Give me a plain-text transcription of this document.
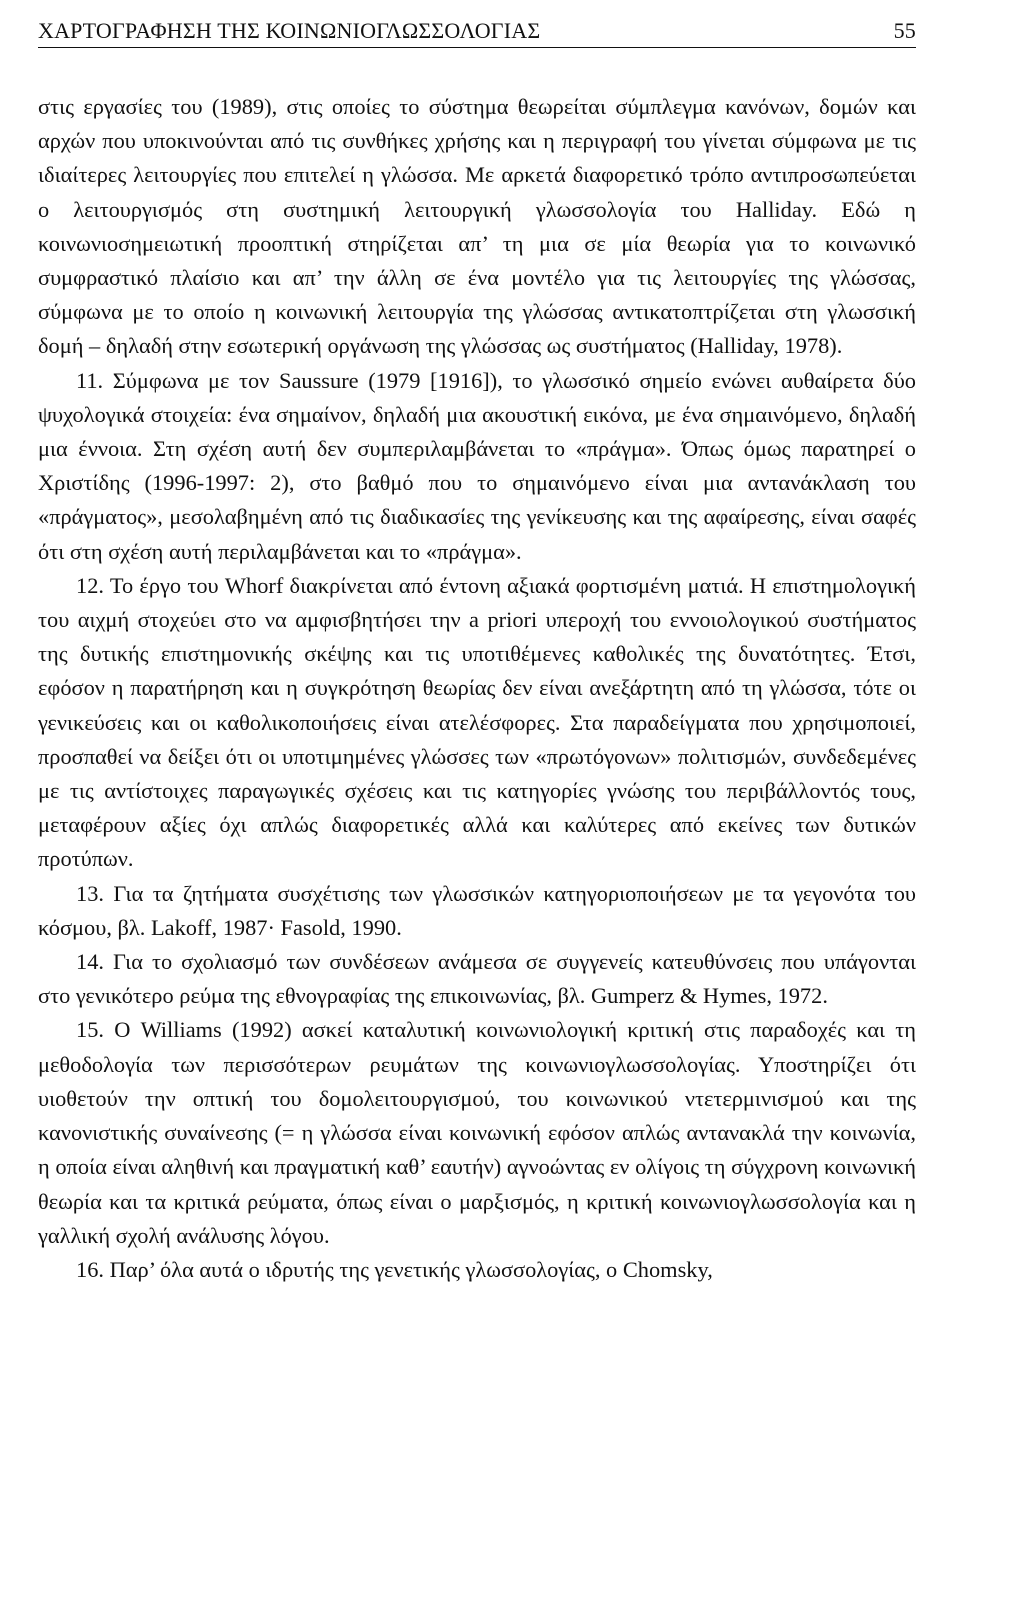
ΧΑΡΤΟΓΡΑΦΗΣΗ ΤΗΣ ΚΟΙΝΩΝΙΟΓΛΩΣΣΟΛΟΓΙΑΣ	55

στις εργασίες του (1989), στις οποίες το σύστημα θεωρείται σύμπλεγμα κανόνων, δομών και αρχών που υποκινούνται από τις συνθήκες χρήσης και η περιγραφή του γίνεται σύμφωνα με τις ιδιαίτερες λειτουργίες που επιτελεί η γλώσσα. Με αρκετά διαφορετικό τρόπο αντιπροσωπεύεται ο λειτουργισμός στη συστημική λειτουργική γλωσσολογία του Halliday. Εδώ η κοινωνιοσημειωτική προοπτική στηρίζεται απ’ τη μια σε μία θεωρία για το κοινωνικό συμφραστικό πλαίσιο και απ’ την άλλη σε ένα μοντέλο για τις λειτουργίες της γλώσσας, σύμφωνα με το οποίο η κοινωνική λειτουργία της γλώσσας αντικατοπτρίζεται στη γλωσσική δομή – δηλαδή στην εσωτερική οργάνωση της γλώσσας ως συστήματος (Halliday, 1978).

11. Σύμφωνα με τον Saussure (1979 [1916]), το γλωσσικό σημείο ενώνει αυθαίρετα δύο ψυχολογικά στοιχεία: ένα σημαίνον, δηλαδή μια ακουστική εικόνα, με ένα σημαινόμενο, δηλαδή μια έννοια. Στη σχέση αυτή δεν συμπεριλαμβάνεται το «πράγμα». Όπως όμως παρατηρεί ο Χριστίδης (1996-1997: 2), στο βαθμό που το σημαινόμενο είναι μια αντανάκλαση του «πράγματος», μεσολαβημένη από τις διαδικασίες της γενίκευσης και της αφαίρεσης, είναι σαφές ότι στη σχέση αυτή περιλαμβάνεται και το «πράγμα».

12. Το έργο του Whorf διακρίνεται από έντονη αξιακά φορτισμένη ματιά. Η επιστημολογική του αιχμή στοχεύει στο να αμφισβητήσει την a priori υπεροχή του εννοιολογικού συστήματος της δυτικής επιστημονικής σκέψης και τις υποτιθέμενες καθολικές της δυνατότητες. Έτσι, εφόσον η παρατήρηση και η συγκρότηση θεωρίας δεν είναι ανεξάρτητη από τη γλώσσα, τότε οι γενικεύσεις και οι καθολικοποιήσεις είναι ατελέσφορες. Στα παραδείγματα που χρησιμοποιεί, προσπαθεί να δείξει ότι οι υποτιμημένες γλώσσες των «πρωτόγονων» πολιτισμών, συνδεδεμένες με τις αντίστοιχες παραγωγικές σχέσεις και τις κατηγορίες γνώσης του περιβάλλοντός τους, μεταφέρουν αξίες όχι απλώς διαφορετικές αλλά και καλύτερες από εκείνες των δυτικών προτύπων.

13. Για τα ζητήματα συσχέτισης των γλωσσικών κατηγοριοποιήσεων με τα γεγονότα του κόσμου, βλ. Lakoff, 1987· Fasold, 1990.

14. Για το σχολιασμό των συνδέσεων ανάμεσα σε συγγενείς κατευθύνσεις που υπάγονται στο γενικότερο ρεύμα της εθνογραφίας της επικοινωνίας, βλ. Gumperz & Hymes, 1972.

15. Ο Williams (1992) ασκεί καταλυτική κοινωνιολογική κριτική στις παραδοχές και τη μεθοδολογία των περισσότερων ρευμάτων της κοινωνιογλωσσολογίας. Υποστηρίζει ότι υιοθετούν την οπτική του δομολειτουργισμού, του κοινωνικού ντετερμινισμού και της κανονιστικής συναίνεσης (= η γλώσσα είναι κοινωνική εφόσον απλώς αντανακλά την κοινωνία, η οποία είναι αληθινή και πραγματική καθ’ εαυτήν) αγνοώντας εν ολίγοις τη σύγχρονη κοινωνική θεωρία και τα κριτικά ρεύματα, όπως είναι ο μαρξισμός, η κριτική κοινωνιογλωσσολογία και η γαλλική σχολή ανάλυσης λόγου.

16. Παρ’ όλα αυτά ο ιδρυτής της γενετικής γλωσσολογίας, ο Chomsky,
